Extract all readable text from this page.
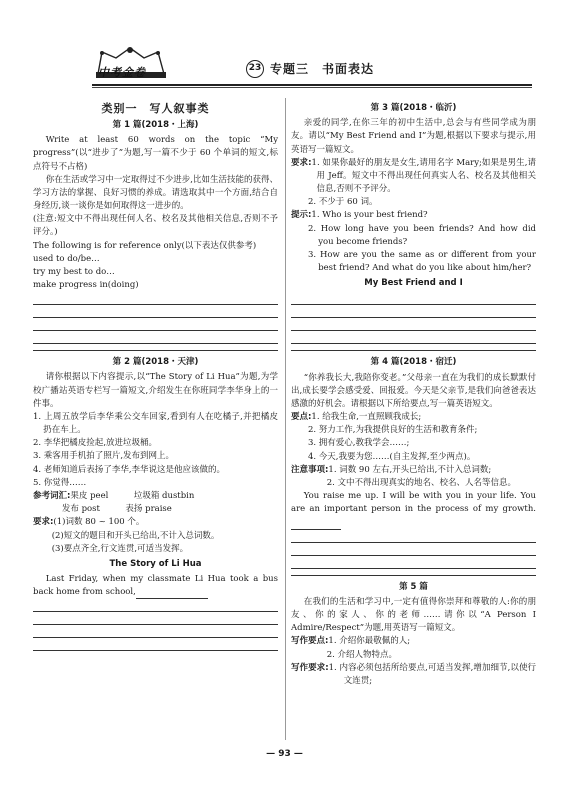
中考金卷	23 专题三　书面表达
类别一　写人叙事类
第 1 篇(2018・上海)

Write at least 60 words on the topic “My progress”(以“进步了”为题,写一篇不少于 60 个单词的短文,标点符号不占格)

你在生活或学习中一定取得过不少进步,比如生活技能的获得、学习方法的掌握、良好习惯的养成。请选取其中一个方面,结合自身经历,谈一谈你是如何取得这一进步的。

(注意:短文中不得出现任何人名、校名及其他相关信息,否则不予评分。)

The following is for reference only(以下表达仅供参考)

used to do/be…

try my best to do…

make progress in(doing)

第 2 篇(2018・天津)

请你根据以下内容提示,以“The Story of Li Hua”为题,为学校广播站英语专栏写一篇短文,介绍发生在你班同学李华身上的一件事。

1. 上周五放学后李华乘公交车回家,看到有人在吃橘子,并把橘皮扔在车上。

2. 李华把橘皮捡起,放进垃圾桶。

3. 乘客用手机拍了照片,发布到网上。

4. 老师知道后表扬了李华,李华说这是他应该做的。

5. 你觉得……

参考词汇:果皮 peel　　　垃圾箱 dustbin

发布 post　　　表扬 praise

要求:(1)词数 80 ~ 100 个。

(2)短文的题目和开头已给出,不计入总词数。

(3)要点齐全,行文连贯,可适当发挥。

The Story of Li Hua

Last Friday, when my classmate Li Hua took a bus back home from school,

第 3 篇(2018・临沂)

亲爱的同学,在你三年的初中生活中,总会与有些同学成为朋友。请以“My Best Friend and I”为题,根据以下要求与提示,用英语写一篇短文。

要求:1. 如果你最好的朋友是女生,请用名字 Mary;如果是男生,请用 Jeff。短文中不得出现任何真实人名、校名及其他相关信息,否则不予评分。

2. 不少于 60 词。

提示:1. Who is your best friend?

2. How long have you been friends? And how did you become friends?

3. How are you the same as or different from your best friend? And what do you like about him/her?

My Best Friend and I
第 4 篇(2018・宿迁)

“你养我长大,我陪你变老。”父母亲一直在为我们的成长默默付出,成长要学会感受爱、回报爱。今天是父亲节,是我们向爸爸表达感激的好机会。请根据以下所给要点,写一篇英语短文。

要点:1. 给我生命,一直照顾我成长;

2. 努力工作,为我提供良好的生活和教育条件;

3. 拥有爱心,教我学会……;

4. 今天,我要为您……(自主发挥,至少两点)。

注意事项:1. 词数 90 左右,开头已给出,不计入总词数;

2. 文中不得出现真实的地名、校名、人名等信息。

You raise me up. I will be with you in your life. You are an important person in the process of my growth.

第 5 篇

在我们的生活和学习中,一定有值得你崇拜和尊敬的人:你的朋友、你的家人、你的老师……请你以“A Person I Admire/Respect”为题,用英语写一篇短文。

写作要点:1. 介绍你最敬佩的人;

2. 介绍人物特点。

写作要求:1. 内容必须包括所给要点,可适当发挥,增加细节,以使行文连贯;

— 93 —
